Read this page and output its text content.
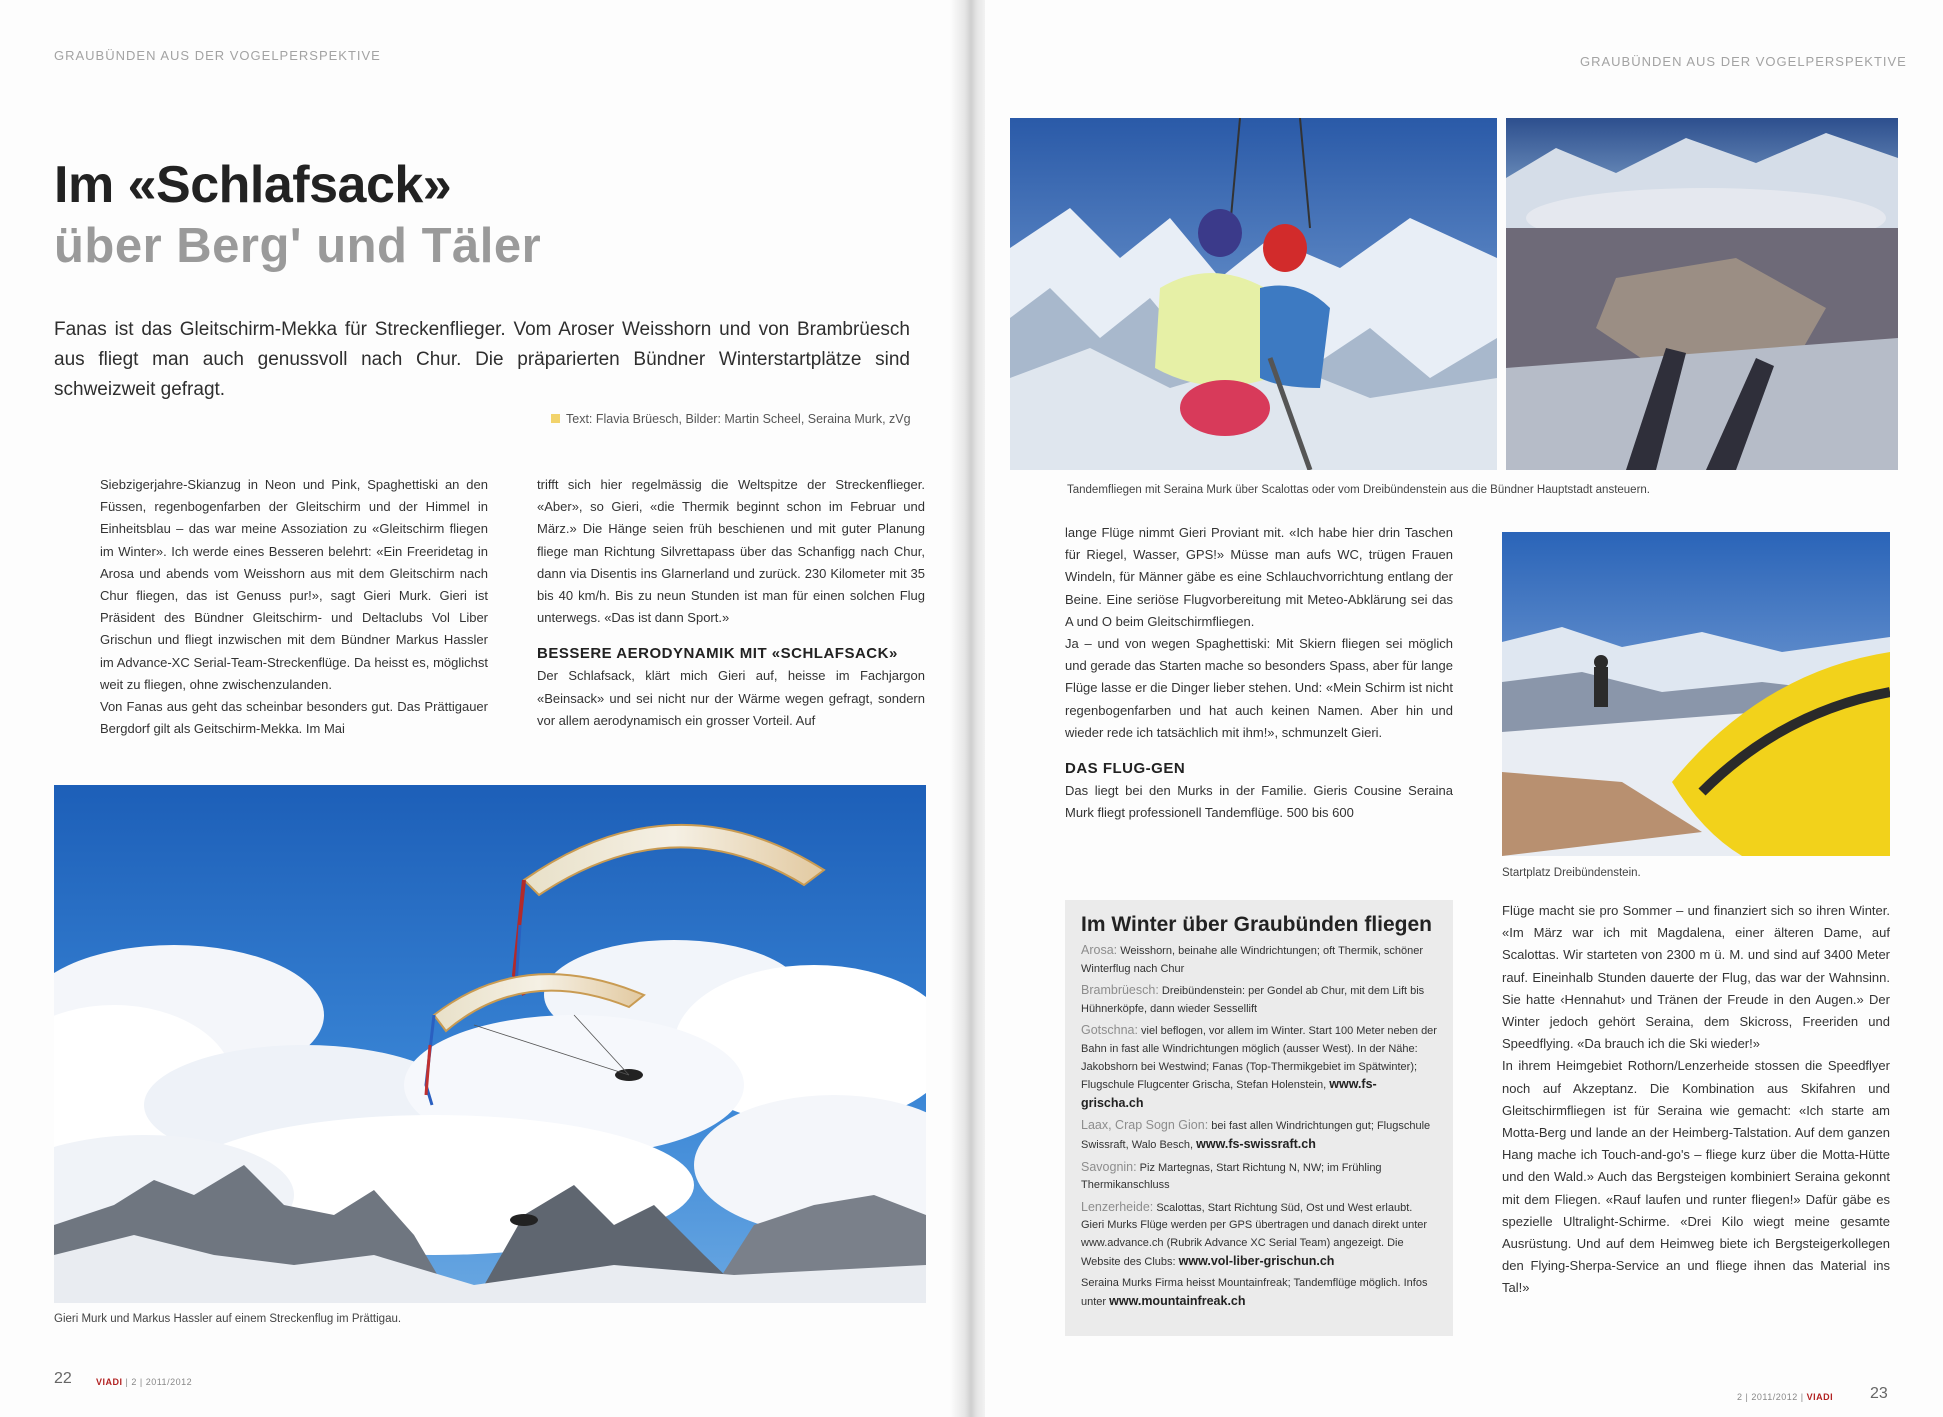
GRAUBÜNDEN AUS DER VOGELPERSPEKTIVE
Im «Schlafsack»
über Berg' und Täler
Fanas ist das Gleitschirm-Mekka für Streckenflieger. Vom Aroser Weisshorn und von Brambrüesch aus fliegt man auch genussvoll nach Chur. Die präparierten Bündner Winterstartplätze sind schweizweit gefragt.
Text: Flavia Brüesch, Bilder: Martin Scheel, Seraina Murk, zVg

Siebzigerjahre-Skianzug in Neon und Pink, Spaghettiski an den Füssen, regenbogenfarben der Gleitschirm und der Himmel in Einheitsblau – das war meine Assoziation zu «Gleitschirm fliegen im Winter». Ich werde eines Besseren belehrt: «Ein Freeridetag in Arosa und abends vom Weisshorn aus mit dem Gleitschirm nach Chur fliegen, das ist Genuss pur!», sagt Gieri Murk. Gieri ist Präsident des Bündner Gleitschirm- und Deltaclubs Vol Liber Grischun und fliegt inzwischen mit dem Bündner Markus Hassler im Advance-XC Serial-Team-Streckenflüge. Da heisst es, möglichst weit zu fliegen, ohne zwischenzulanden.

Von Fanas aus geht das scheinbar besonders gut. Das Prättigauer Bergdorf gilt als Geitschirm-Mekka. Im Mai

trifft sich hier regelmässig die Weltspitze der Streckenflieger. «Aber», so Gieri, «die Thermik beginnt schon im Februar und März.» Die Hänge seien früh beschienen und mit guter Planung fliege man Richtung Silvrettapass über das Schanfigg nach Chur, dann via Disentis ins Glarnerland und zurück. 230 Kilometer mit 35 bis 40 km/h. Bis zu neun Stunden ist man für einen solchen Flug unterwegs. «Das ist dann Sport.»

BESSERE AERODYNAMIK MIT «SCHLAFSACK»

Der Schlafsack, klärt mich Gieri auf, heisse im Fachjargon «Beinsack» und sei nicht nur der Wärme wegen gefragt, sondern vor allem aerodynamisch ein grosser Vorteil. Auf

Gieri Murk und Markus Hassler auf einem Streckenflug im Prättigau.
22	VIADI | 2 | 2011/2012
GRAUBÜNDEN AUS DER VOGELPERSPEKTIVE
Tandemfliegen mit Seraina Murk über Scalottas oder vom Dreibündenstein aus die Bündner Hauptstadt ansteuern.

lange Flüge nimmt Gieri Proviant mit. «Ich habe hier drin Taschen für Riegel, Wasser, GPS!» Müsse man aufs WC, trügen Frauen Windeln, für Männer gäbe es eine Schlauchvorrichtung entlang der Beine. Eine seriöse Flugvorbereitung mit Meteo-Abklärung sei das A und O beim Gleitschirmfliegen.

Ja – und von wegen Spaghettiski: Mit Skiern fliegen sei möglich und gerade das Starten mache so besonders Spass, aber für lange Flüge lasse er die Dinger lieber stehen. Und: «Mein Schirm ist nicht regenbogenfarben und hat auch keinen Namen. Aber hin und wieder rede ich tatsächlich mit ihm!», schmunzelt Gieri.

DAS FLUG-GEN

Das liegt bei den Murks in der Familie. Gieris Cousine Seraina Murk fliegt professionell Tandemflüge. 500 bis 600

Startplatz Dreibündenstein.
Im Winter über Graubünden fliegen
Arosa: Weisshorn, beinahe alle Windrichtungen; oft Thermik, schöner Winterflug nach Chur
Brambrüesch: Dreibündenstein: per Gondel ab Chur, mit dem Lift bis Hühnerköpfe, dann wieder Sessellift
Gotschna: viel beflogen, vor allem im Winter. Start 100 Meter neben der Bahn in fast alle Windrichtungen möglich (ausser West). In der Nähe: Jakobshorn bei Westwind; Fanas (Top-Thermikgebiet im Spätwinter); Flugschule Flugcenter Grischa, Stefan Holenstein, www.fs-grischa.ch
Laax, Crap Sogn Gion: bei fast allen Windrichtungen gut; Flugschule Swissraft, Walo Besch, www.fs-swissraft.ch
Savognin: Piz Martegnas, Start Richtung N, NW; im Frühling Thermikanschluss
Lenzerheide: Scalottas, Start Richtung Süd, Ost und West erlaubt. Gieri Murks Flüge werden per GPS übertragen und danach direkt unter www.advance.ch (Rubrik Advance XC Serial Team) angezeigt. Die Website des Clubs: www.vol-liber-grischun.ch
Seraina Murks Firma heisst Mountainfreak; Tandemflüge möglich. Infos unter www.mountainfreak.ch

Flüge macht sie pro Sommer – und finanziert sich so ihren Winter. «Im März war ich mit Magdalena, einer älteren Dame, auf Scalottas. Wir starteten von 2300 m ü. M. und sind auf 3400 Meter rauf. Eineinhalb Stunden dauerte der Flug, das war der Wahnsinn. Sie hatte ‹Hennahut› und Tränen der Freude in den Augen.» Der Winter jedoch gehört Seraina, dem Skicross, Freeriden und Speedflying. «Da brauch ich die Ski wieder!»

In ihrem Heimgebiet Rothorn/Lenzerheide stossen die Speedflyer noch auf Akzeptanz. Die Kombination aus Skifahren und Gleitschirmfliegen ist für Seraina wie gemacht: «Ich starte am Motta-Berg und lande an der Heimberg-Talstation. Auf dem ganzen Hang mache ich Touch-and-go's – fliege kurz über die Motta-Hütte und den Wald.» Auch das Bergsteigen kombiniert Seraina gekonnt mit dem Fliegen. «Rauf laufen und runter fliegen!» Dafür gäbe es spezielle Ultralight-Schirme. «Drei Kilo wiegt meine gesamte Ausrüstung. Und auf dem Heimweg biete ich Bergsteigerkollegen den Flying-Sherpa-Service an und fliege ihnen das Material ins Tal!»

2 | 2011/2012 | VIADI 23
